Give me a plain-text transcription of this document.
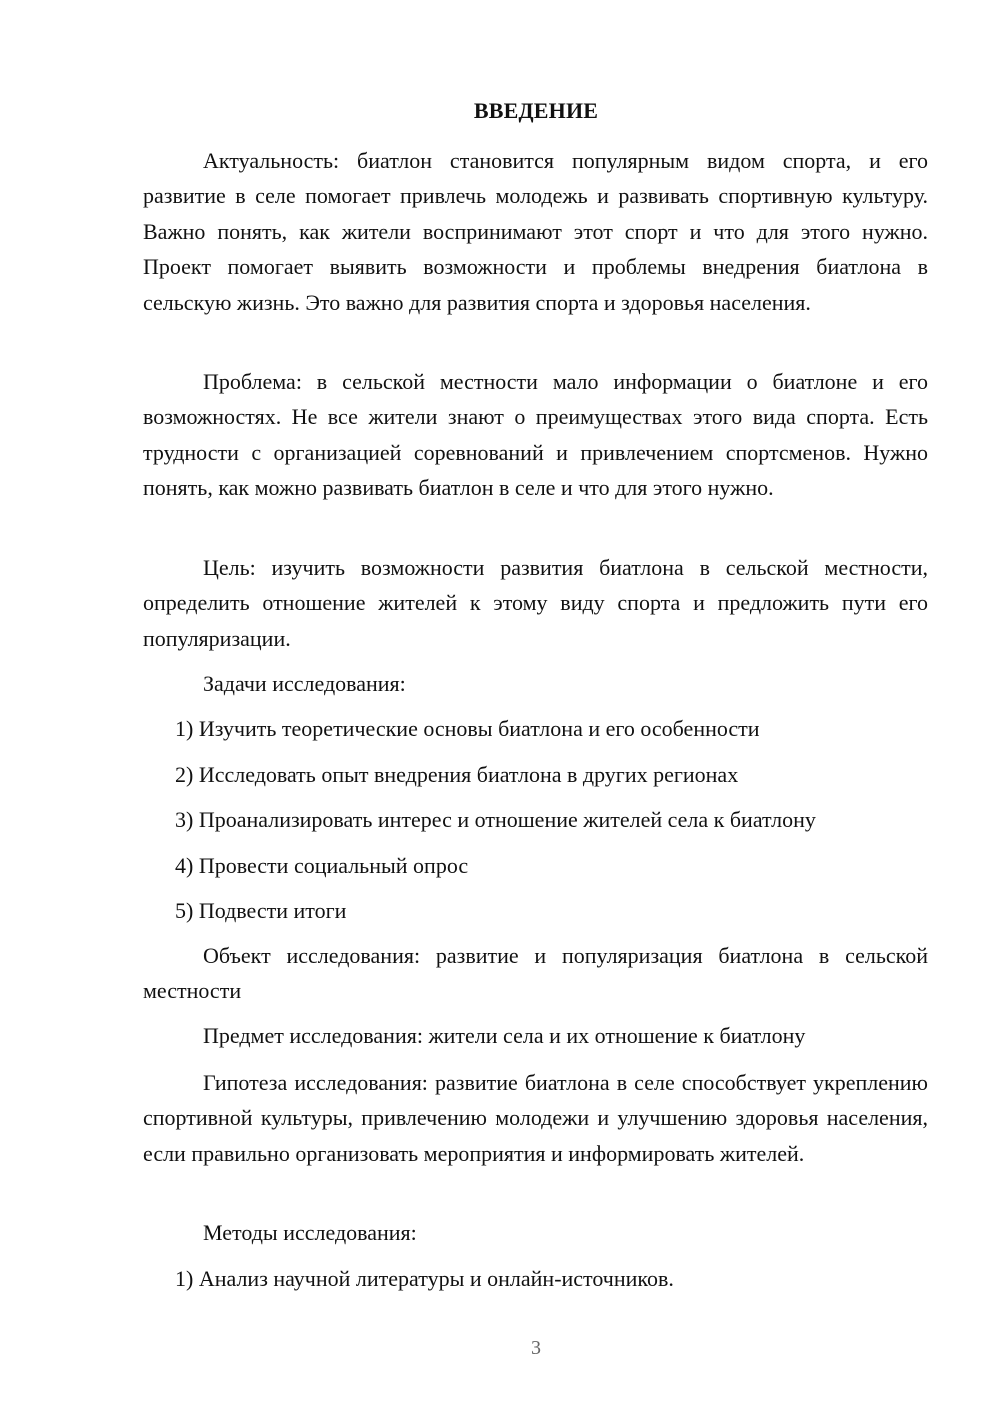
ВВЕДЕНИЕ

Актуальность: биатлон становится популярным видом спорта, и его развитие в селе помогает привлечь молодежь и развивать спортивную культуру. Важно понять, как жители воспринимают этот спорт и что для этого нужно. Проект помогает выявить возможности и проблемы внедрения биатлона в сельскую жизнь. Это важно для развития спорта и здоровья населения.

Проблема: в сельской местности мало информации о биатлоне и его возможностях. Не все жители знают о преимуществах этого вида спорта. Есть трудности с организацией соревнований и привлечением спортсменов. Нужно понять, как можно развивать биатлон в селе и что для этого нужно.

Цель: изучить возможности развития биатлона в сельской местности, определить отношение жителей к этому виду спорта и предложить пути его популяризации.

Задачи исследования:
1) Изучить теоретические основы биатлона и его особенности
2) Исследовать опыт внедрения биатлона в других регионах
3) Проанализировать интерес и отношение жителей села к биатлону
4) Провести социальный опрос
5) Подвести итоги

Объект исследования: развитие и популяризация биатлона в сельской местности

Предмет исследования: жители села и их отношение к биатлону

Гипотеза исследования: развитие биатлона в селе способствует укреплению спортивной культуры, привлечению молодежи и улучшению здоровья населения, если правильно организовать мероприятия и информировать жителей.

Методы исследования:
1) Анализ научной литературы и онлайн-источников.
3
